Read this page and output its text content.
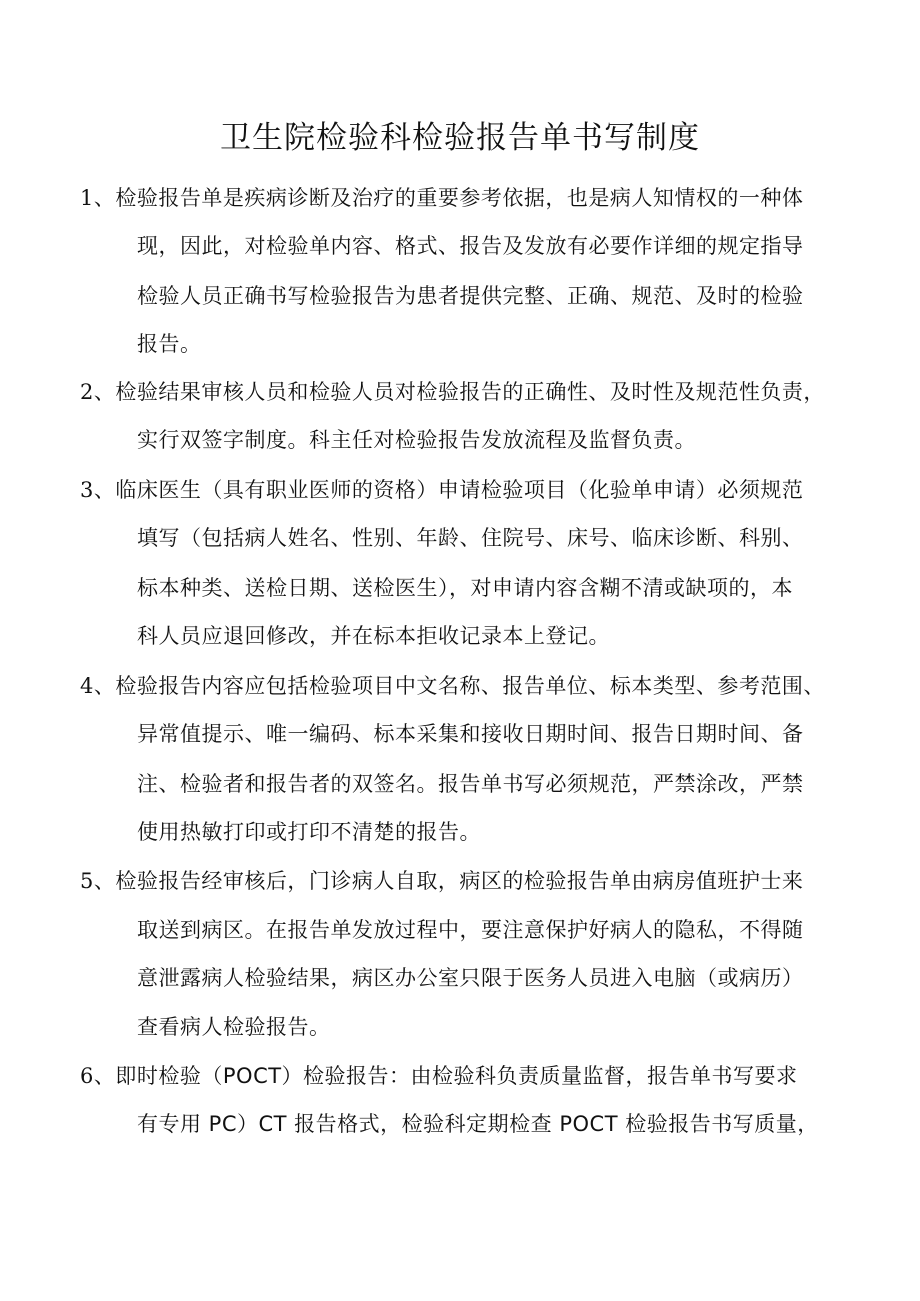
卫生院检验科检验报告单书写制度
1、检验报告单是疾病诊断及治疗的重要参考依据，也是病人知情权的一种体
现，因此，对检验单内容、格式、报告及发放有必要作详细的规定指导
检验人员正确书写检验报告为患者提供完整、正确、规范、及时的检验
报告。
2、检验结果审核人员和检验人员对检验报告的正确性、及时性及规范性负责，
实行双签字制度。科主任对检验报告发放流程及监督负责。
3、临床医生（具有职业医师的资格）申请检验项目（化验单申请）必须规范
填写（包括病人姓名、性别、年龄、住院号、床号、临床诊断、科别、
标本种类、送检日期、送检医生），对申请内容含糊不清或缺项的，本
科人员应退回修改，并在标本拒收记录本上登记。
4、检验报告内容应包括检验项目中文名称、报告单位、标本类型、参考范围、
异常值提示、唯一编码、标本采集和接收日期时间、报告日期时间、备
注、检验者和报告者的双签名。报告单书写必须规范，严禁涂改，严禁
使用热敏打印或打印不清楚的报告。
5、检验报告经审核后，门诊病人自取，病区的检验报告单由病房值班护士来
取送到病区。在报告单发放过程中，要注意保护好病人的隐私，不得随
意泄露病人检验结果，病区办公室只限于医务人员进入电脑（或病历）
查看病人检验报告。
6、即时检验（POCT）检验报告：由检验科负责质量监督，报告单书写要求
有专用 PC）CT 报告格式，检验科定期检查 POCT 检验报告书写质量，
